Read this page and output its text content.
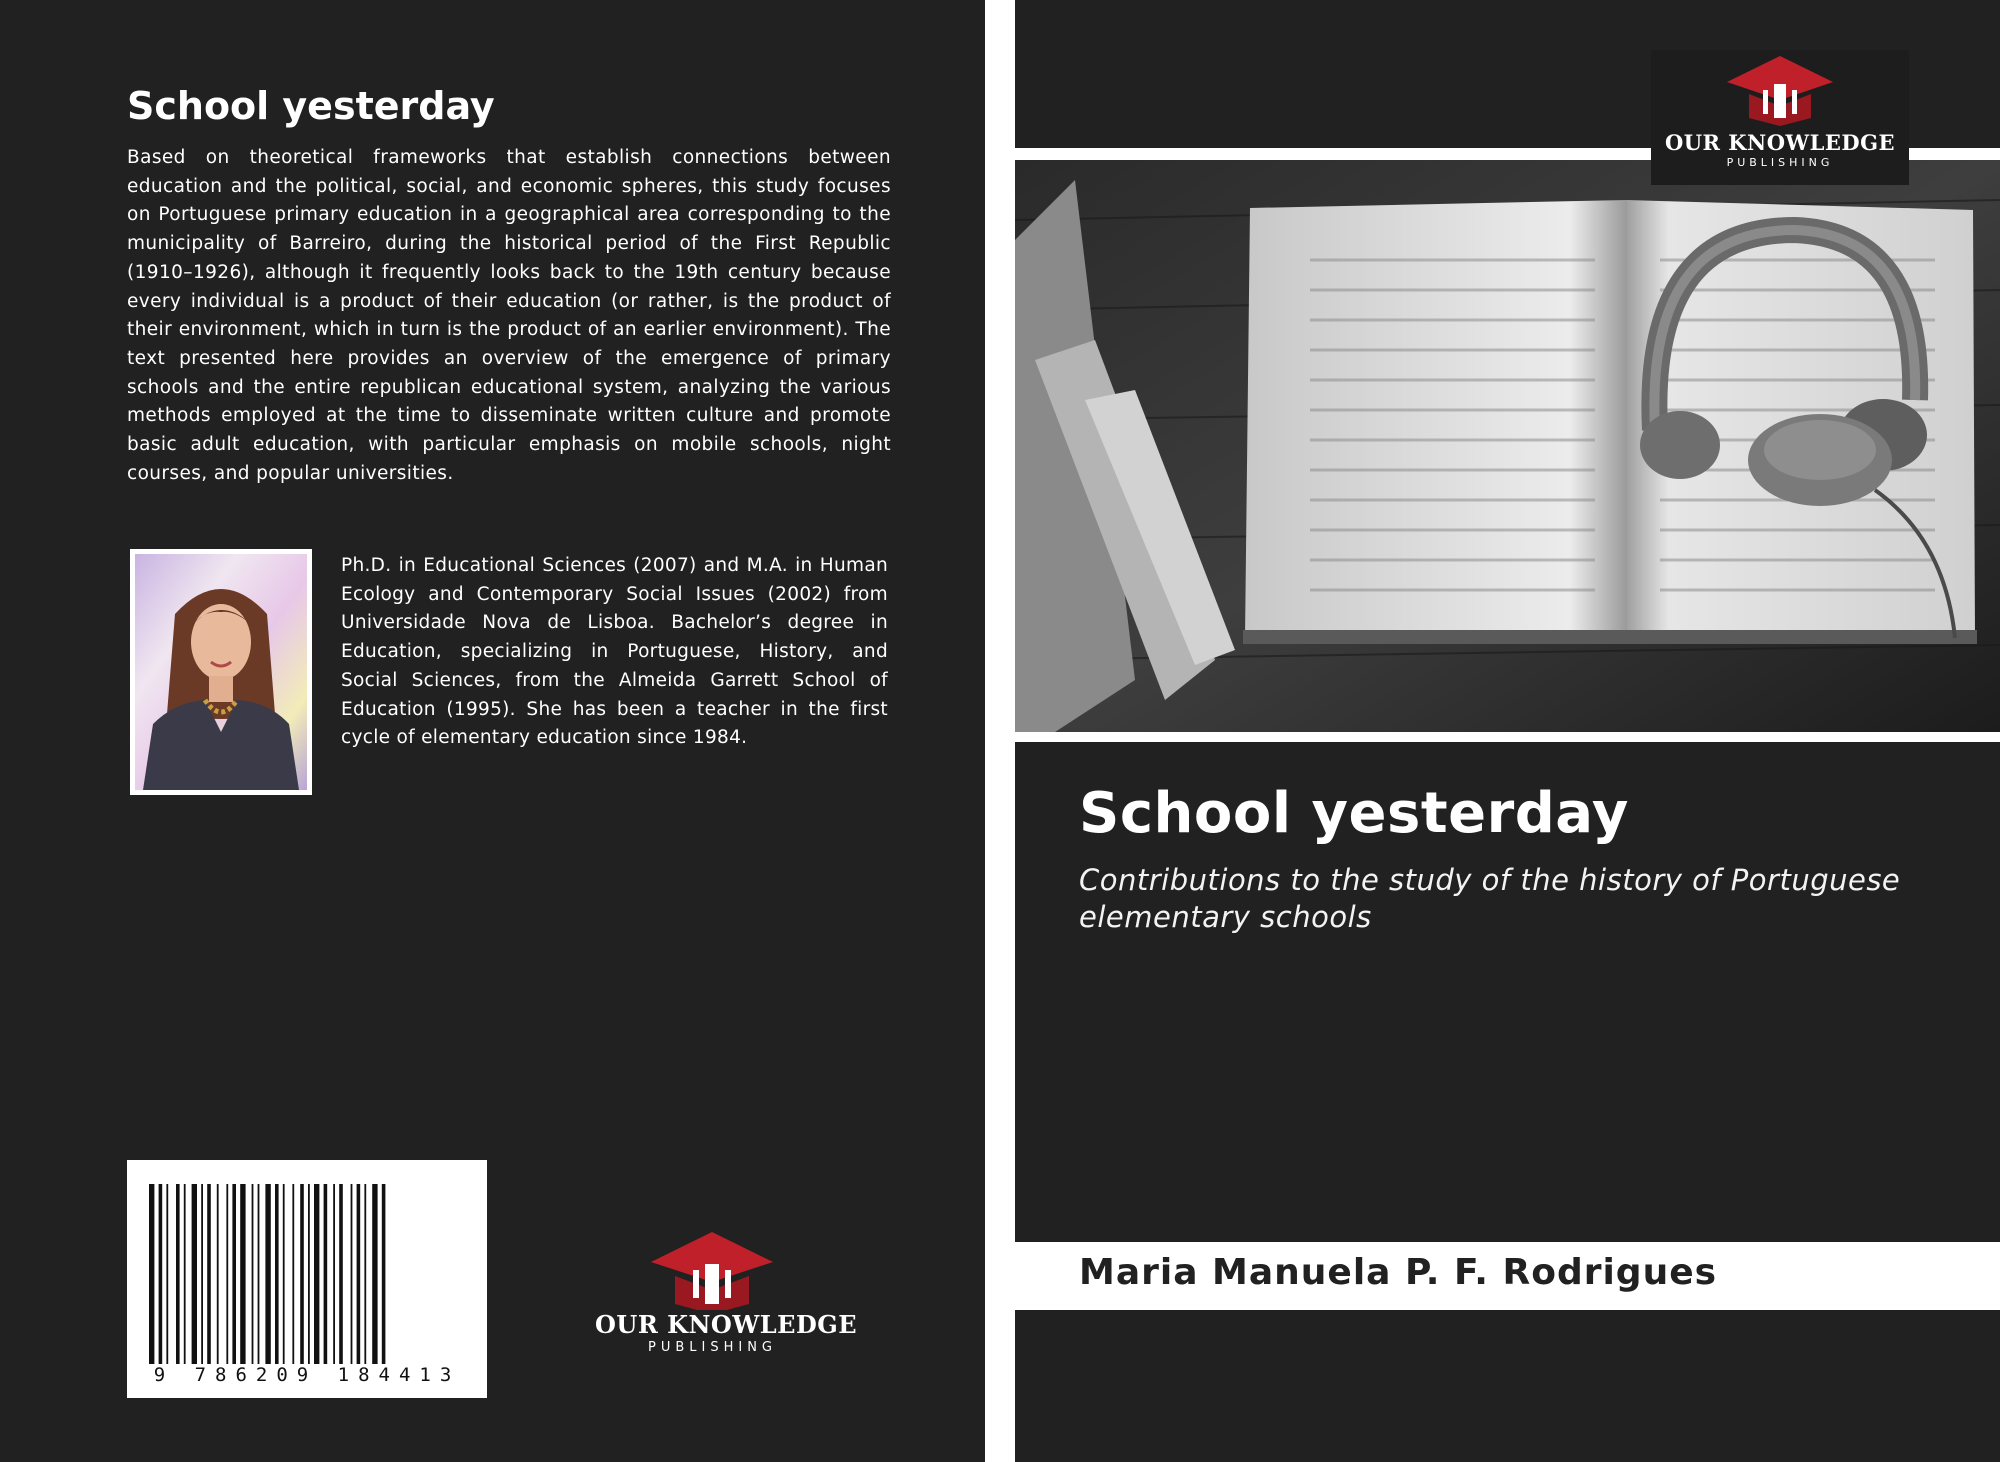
School yesterday

Based on theoretical frameworks that establish connections between education and the political, social, and economic spheres, this study focuses on Portuguese primary education in a geographical area corresponding to the municipality of Barreiro, during the historical period of the First Republic (1910–1926), although it frequently looks back to the 19th century because every individual is a product of their education (or rather, is the product of their environment, which in turn is the product of an earlier environment). The text presented here provides an overview of the emergence of primary schools and the entire republican educational system, analyzing the various methods employed at the time to disseminate written culture and promote basic adult education, with particular emphasis on mobile schools, night courses, and popular universities.

Ph.D. in Educational Sciences (2007) and M.A. in Human Ecology and Contemporary Social Issues (2002) from Universidade Nova de Lisboa. Bachelor’s degree in Education, specializing in Portuguese, History, and Social Sciences, from the Almeida Garrett School of Education (1995). She has been a teacher in the first cycle of elementary education since 1984.

9 786209 184413
OUR KNOWLEDGE
PUBLISHING
OUR KNOWLEDGE
PUBLISHING
School yesterday

Contributions to the study of the history of Portuguese elementary schools

Maria Manuela P. F. Rodrigues
